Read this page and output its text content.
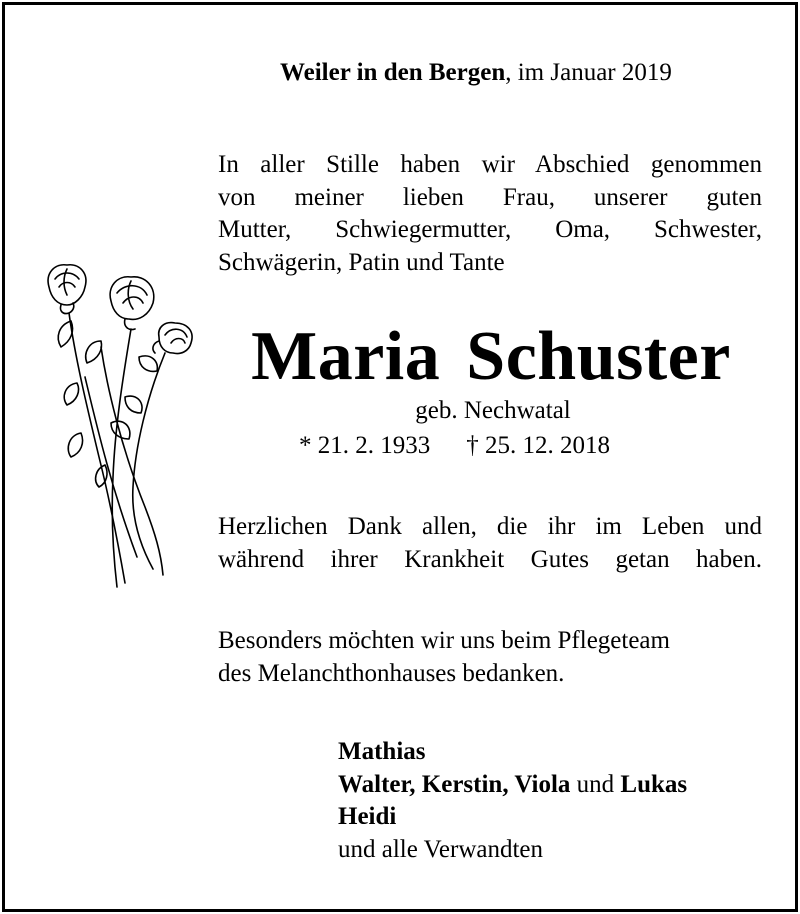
Weiler in den Bergen, im Januar 2019
In aller Stille haben wir Abschied genommen
von meiner lieben Frau, unserer guten
Mutter, Schwiegermutter, Oma, Schwester,
Schwägerin, Patin und Tante
Maria Schuster
geb. Nechwatal
* 21. 2. 1933 † 25. 12. 2018
Herzlichen Dank allen, die ihr im Leben und
während ihrer Krankheit Gutes getan haben.
Besonders möchten wir uns beim Pflegeteam
des Melanchthonhauses bedanken.
Mathias
Walter, Kerstin, Viola und Lukas
Heidi
und alle Verwandten
